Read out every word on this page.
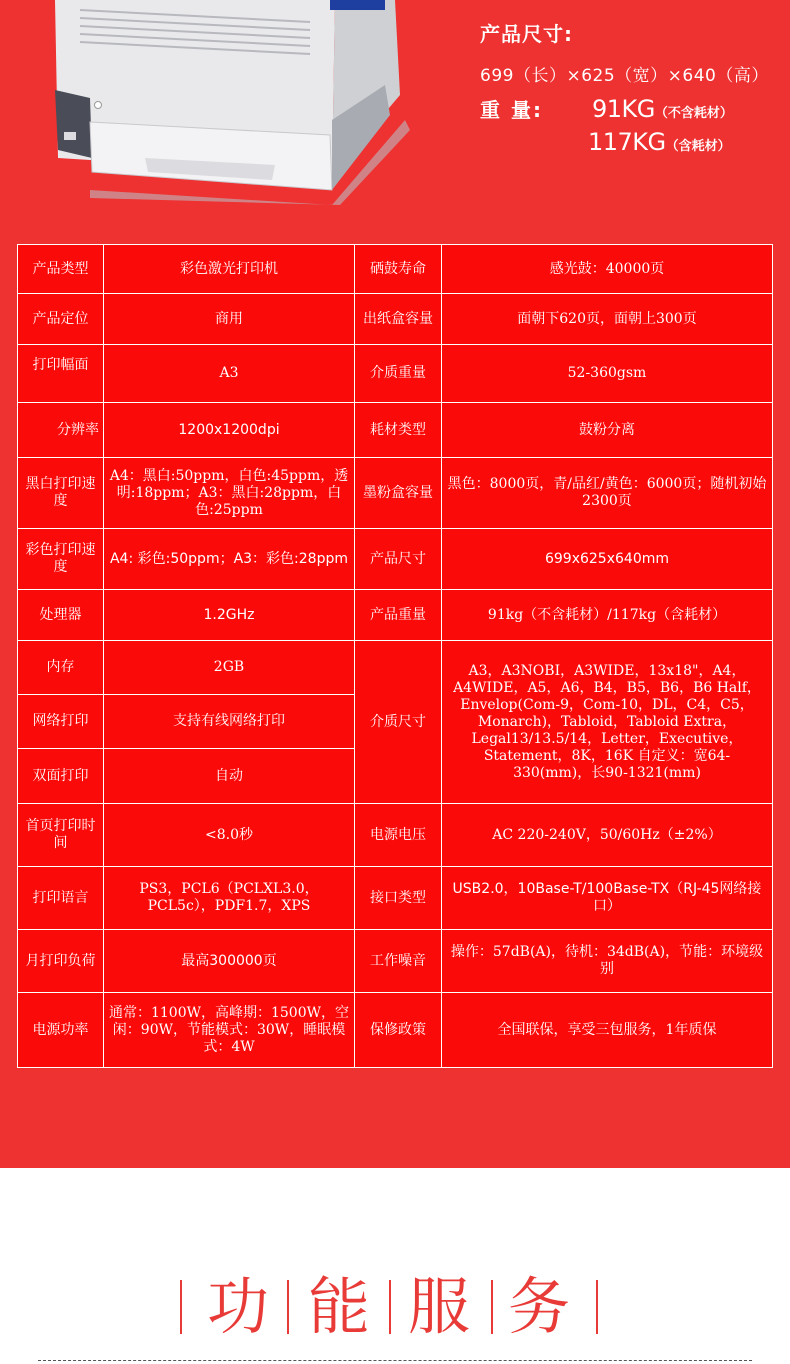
产品尺寸:
699（长）×625（宽）×640（高）
重 量: 91KG（不含耗材）
117KG（含耗材）
产品类型	彩色激光打印机	硒鼓寿命	感光鼓：40000页
产品定位	商用	出纸盒容量	面朝下620页，面朝上300页
打印幅面	A3	介质重量	52-360gsm
分辨率	1200x1200dpi	耗材类型	鼓粉分离
黑白打印速度	A4：黑白:50ppm，白色:45ppm，透明:18ppm；A3：黑白:28ppm，白色:25ppm	墨粉盒容量	黑色：8000页，青/品红/黄色：6000页；随机初始2300页
彩色打印速度	A4: 彩色:50ppm；A3：彩色:28ppm	产品尺寸	699x625x640mm
处理器	1.2GHz	产品重量	91kg（不含耗材）/117kg（含耗材）
内存	2GB	介质尺寸	A3，A3NOBI，A3WIDE，13x18"，A4，A4WIDE，A5，A6，B4，B5，B6，B6 Half，Envelop(Com-9，Com-10，DL，C4，C5，Monarch)，Tabloid，Tabloid Extra，Legal13/13.5/14，Letter，Executive，Statement，8K，16K 自定义：宽64-330(mm)，长90-1321(mm)
网络打印	支持有线网络打印		
双面打印	自动		
首页打印时间	<8.0秒	电源电压	AC 220-240V，50/60Hz（±2%）
打印语言	PS3，PCL6（PCLXL3.0，PCL5c），PDF1.7，XPS	接口类型	USB2.0，10Base-T/100Base-TX（RJ-45网络接口）
月打印负荷	最高300000页	工作噪音	操作：57dB(A)，待机：34dB(A)，节能：环境级别
电源功率	通常：1100W，高峰期：1500W，空闲：90W，节能模式：30W，睡眠模式：4W	保修政策	全国联保，享受三包服务，1年质保
功 能 服 务
